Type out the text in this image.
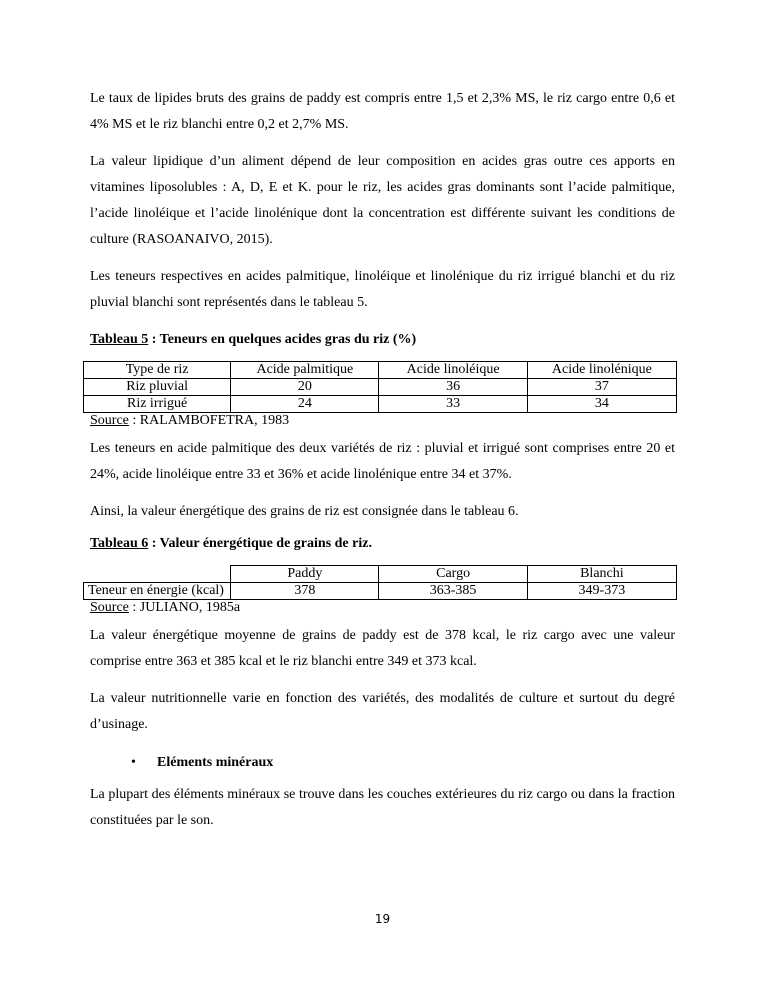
Le taux de lipides bruts des grains de paddy est compris entre 1,5 et 2,3% MS, le riz cargo entre 0,6 et 4% MS et le riz blanchi entre 0,2 et 2,7% MS.

La valeur lipidique d’un aliment dépend de leur composition en acides gras outre ces apports en vitamines liposolubles : A, D, E et K. pour le riz, les acides gras dominants sont l’acide palmitique, l’acide linoléique et l’acide linolénique dont la concentration est différente suivant les conditions de culture (RASOANAIVO, 2015).

Les teneurs respectives en acides palmitique, linoléique et linolénique du riz irrigué blanchi et du riz pluvial blanchi sont représentés dans le tableau 5.

Tableau 5 : Teneurs en quelques acides gras du riz (%)

Type de riz	Acide palmitique	Acide linoléique	Acide linolénique
Riz pluvial	20	36	37
Riz irrigué	24	33	34

Source : RALAMBOFETRA, 1983

Les teneurs en acide palmitique des deux variétés de riz : pluvial et irrigué sont comprises entre 20 et 24%, acide linoléique entre 33 et 36% et acide linolénique entre 34 et 37%.

Ainsi, la valeur énergétique des grains de riz est consignée dans le tableau 6.

Tableau 6 : Valeur énergétique de grains de riz.

	Paddy	Cargo	Blanchi
Teneur en énergie (kcal)	378	363-385	349-373

Source : JULIANO, 1985a

La valeur énergétique moyenne de grains de paddy est de 378 kcal, le riz cargo avec une valeur comprise entre 363 et 385 kcal et le riz blanchi entre 349 et 373 kcal.

La valeur nutritionnelle varie en fonction des variétés, des modalités de culture et surtout du degré d’usinage.

• Eléments minéraux

La plupart des éléments minéraux se trouve dans les couches extérieures du riz cargo ou dans la fraction constituées par le son.

19
